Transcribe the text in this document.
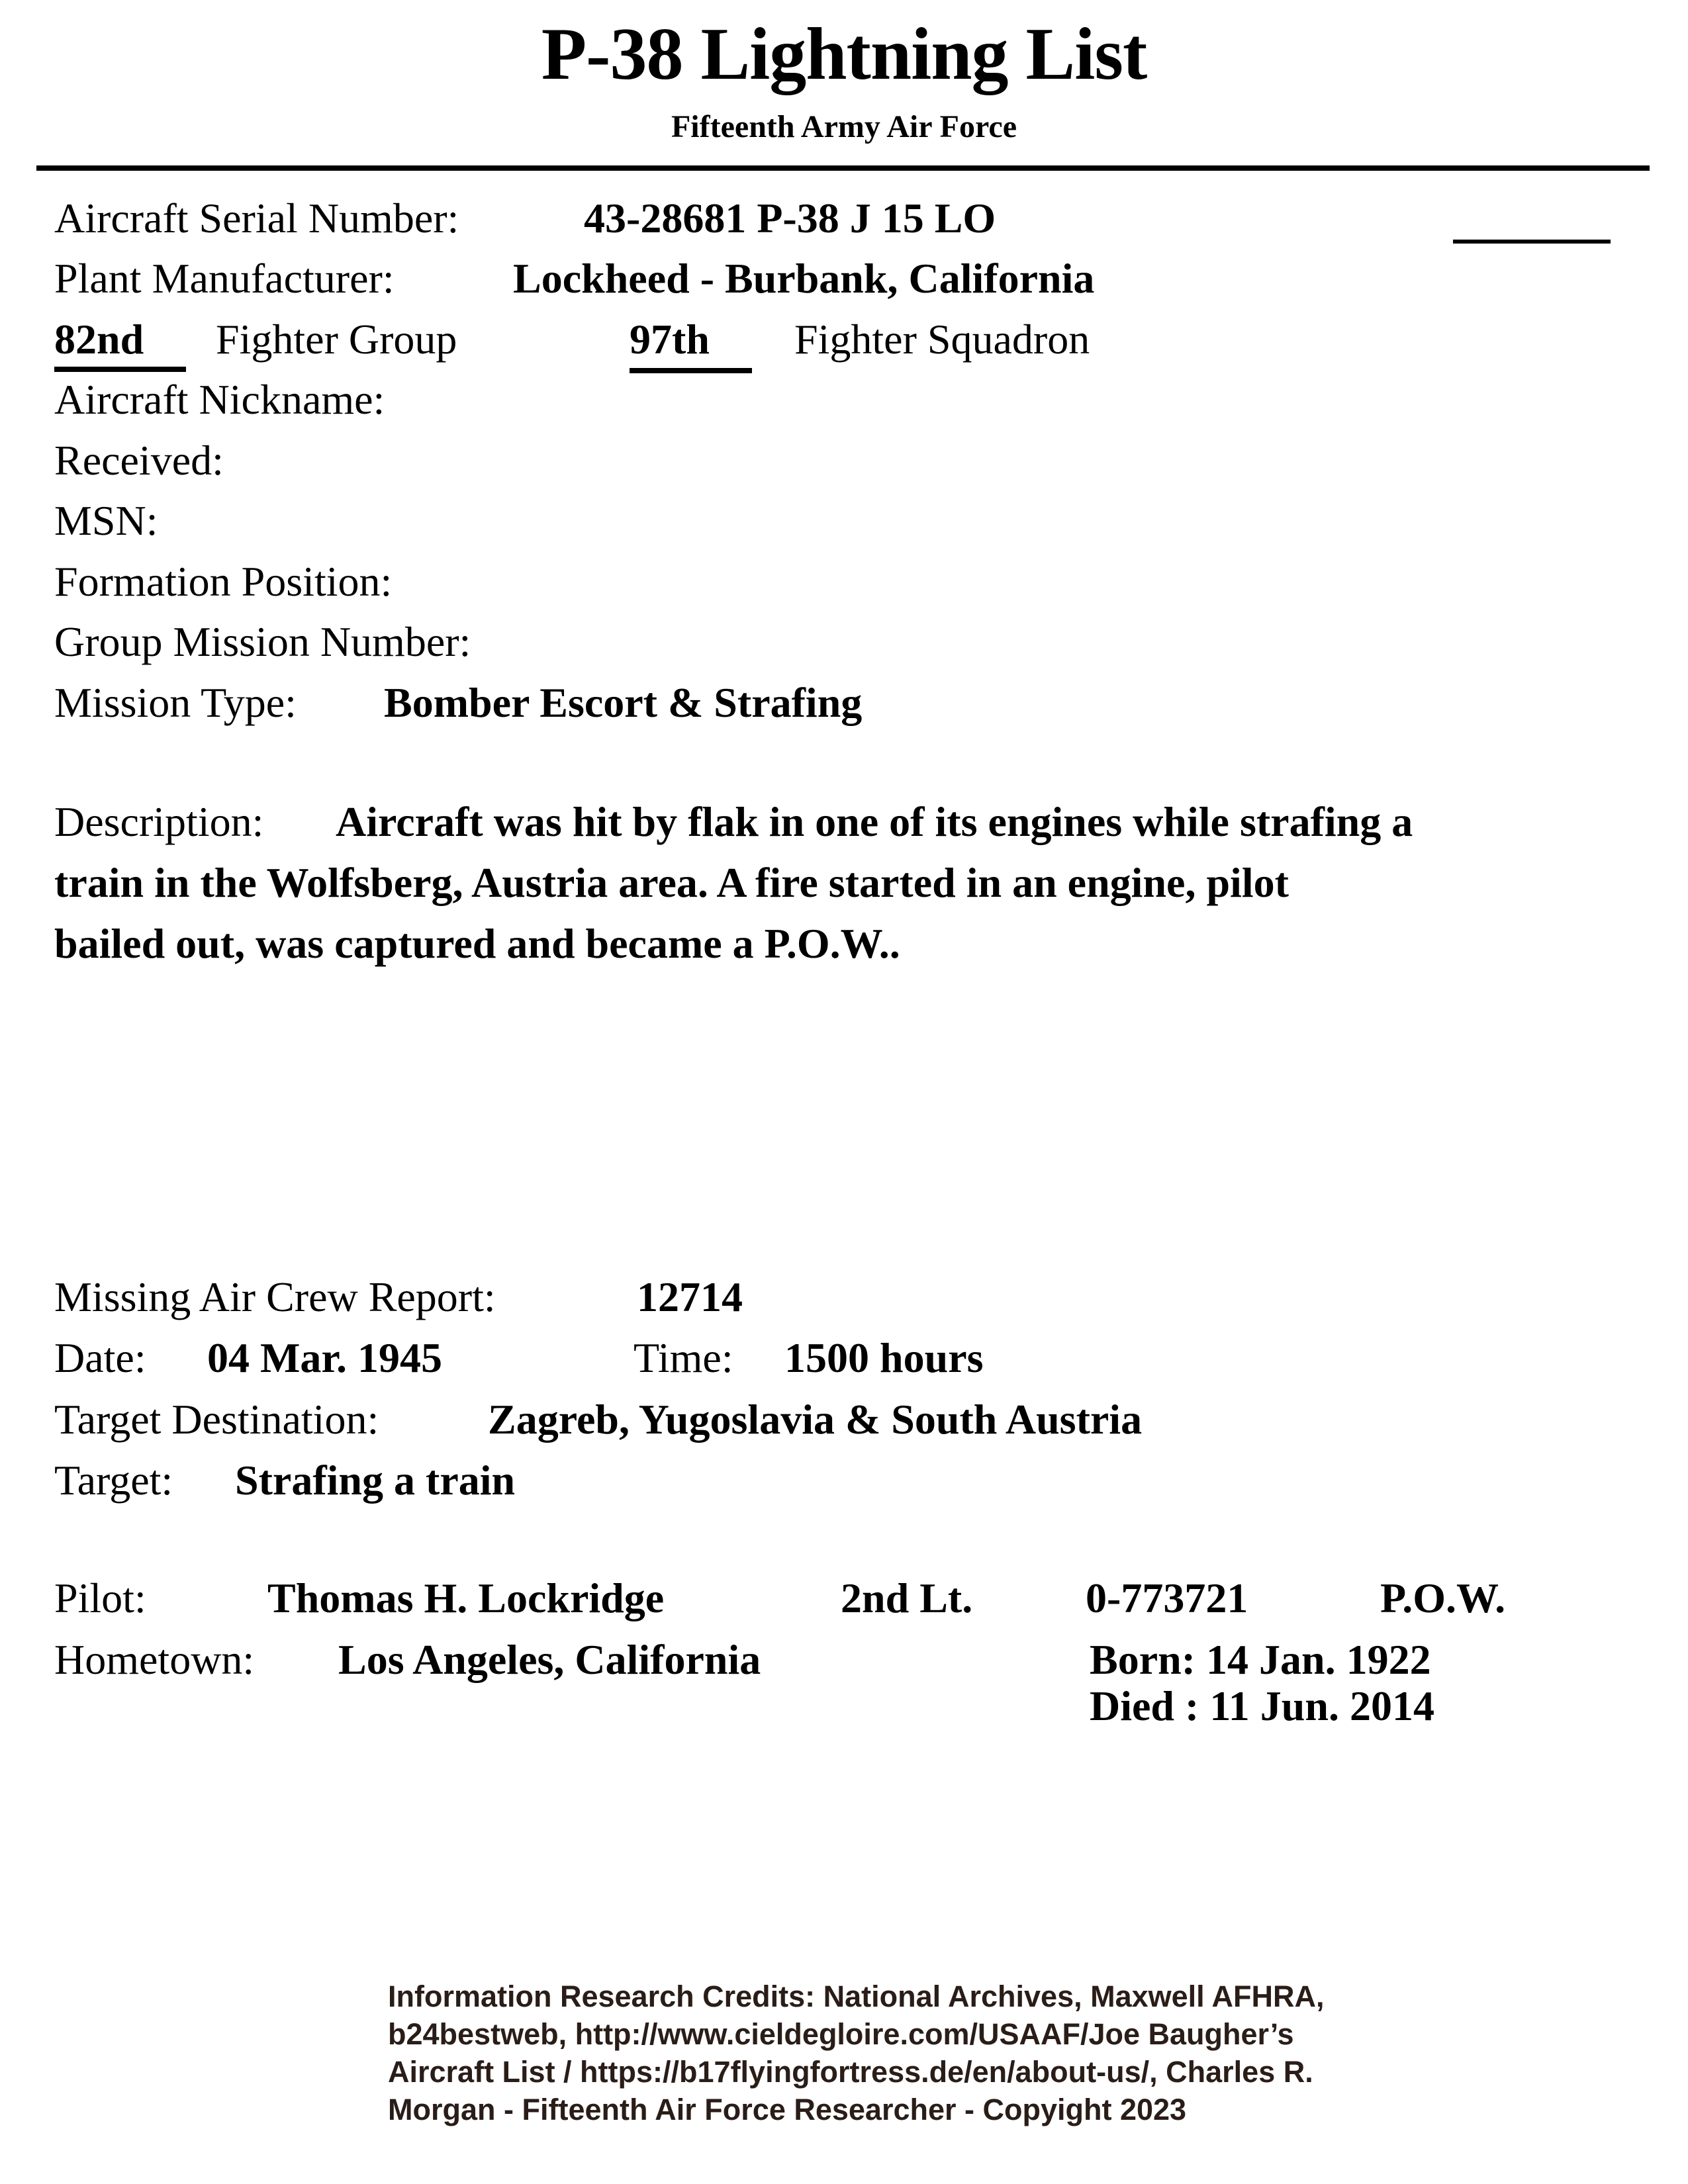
P-38 Lightning List
Fifteenth Army Air Force
Aircraft Serial Number:	43-28681 P-38 J 15 LO
Plant Manufacturer:	Lockheed - Burbank, California
82nd Fighter Group	97th	Fighter Squadron
Aircraft Nickname:
Received:
MSN:
Formation Position:
Group Mission Number:
Mission Type: Bomber Escort & Strafing
Description: Aircraft was hit by flak in one of its engines while strafing a
train in the Wolfsberg, Austria area. A fire started in an engine, pilot
bailed out, was captured and became a P.O.W..
Missing Air Crew Report:	12714
Date: 04 Mar. 1945	Time: 1500 hours
Target Destination:	Zagreb, Yugoslavia & South Austria
Target: Strafing a train
Pilot:	Thomas H. Lockridge	2nd Lt.	0-773721	P.O.W.
Hometown: Los Angeles, California	Born: 14 Jan. 1922
Died : 11 Jun. 2014
Information Research Credits: National Archives, Maxwell AFHRA,
b24bestweb, http://www.cieldegloire.com/USAAF/Joe Baugher’s
Aircraft List / https://b17flyingfortress.de/en/about-us/, Charles R.
Morgan - Fifteenth Air Force Researcher - Copyight 2023
